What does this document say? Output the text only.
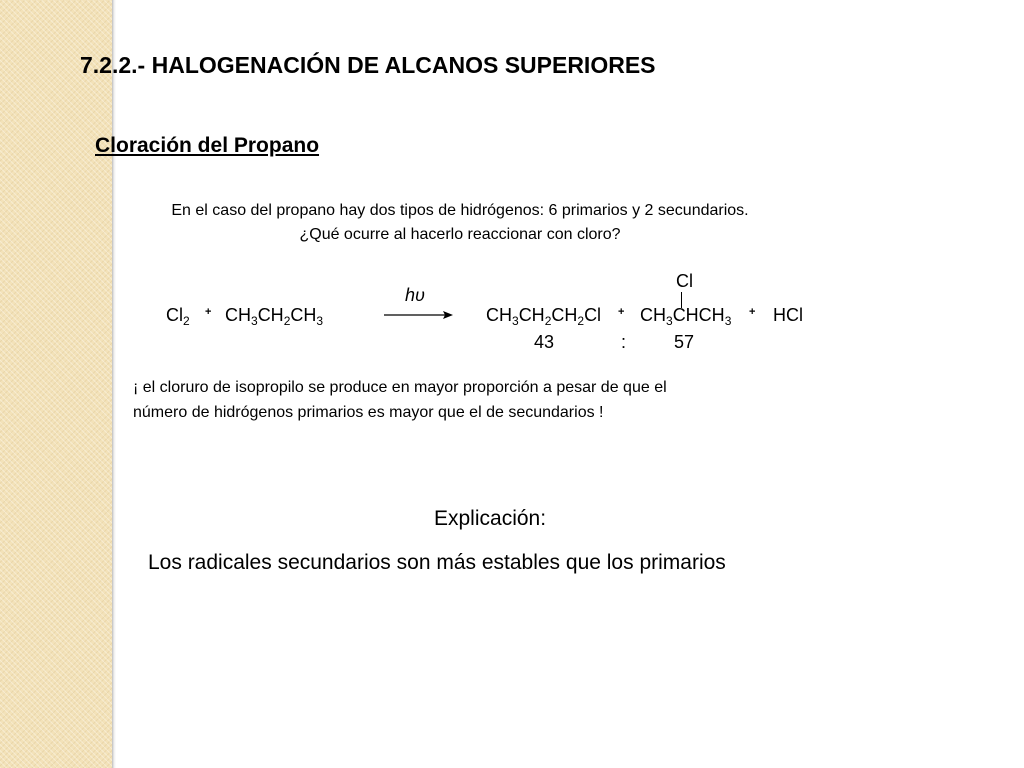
7.2.2.- HALOGENACIÓN DE ALCANOS SUPERIORES
Cloración del Propano
En el caso del propano hay dos tipos de hidrógenos: 6 primarios y 2 secundarios.
¿Qué ocurre al hacerlo reaccionar con cloro?
$Cl_2$
+ $CH_3CH_2CH_3$
hυ
$CH_3CH_2CH_2Cl$ +
Cl
$CH_3CHCH_3$
+ HCl
43	:	57
¡ el cloruro de isopropilo se produce en mayor proporción a pesar de que el
número de hidrógenos primarios es mayor que el de secundarios !
Explicación:
Los radicales secundarios son más estables que los primarios
